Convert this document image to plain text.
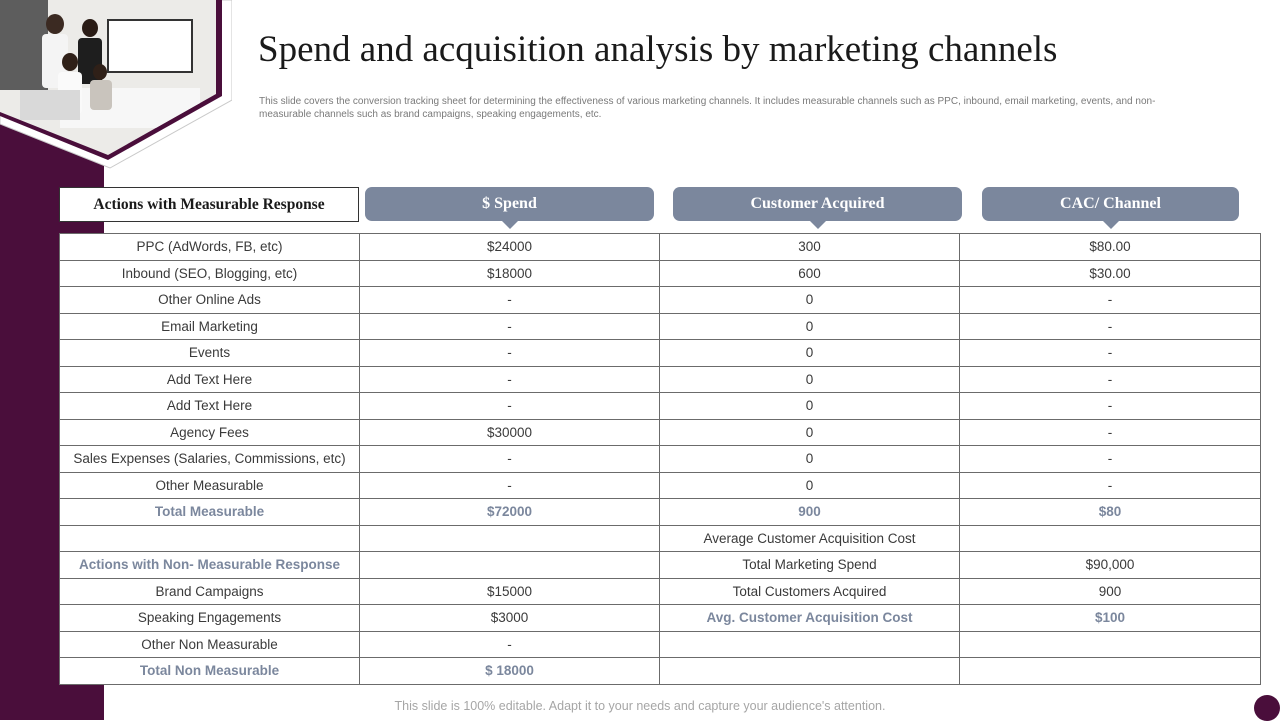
Spend and acquisition analysis by marketing channels
This slide covers the conversion tracking sheet for determining the effectiveness of various marketing channels. It includes measurable channels such as PPC, inbound, email marketing, events, and non- measurable channels such as brand campaigns, speaking engagements, etc.
Actions with Measurable Response	$ Spend	Customer Acquired	CAC/ Channel
PPC (AdWords, FB, etc)	$24000	300	$80.00
Inbound (SEO, Blogging, etc)	$18000	600	$30.00
Other Online Ads	-	0	-
Email Marketing	-	0	-
Events	-	0	-
Add Text Here	-	0	-
Add Text Here	-	0	-
Agency Fees	$30000	0	-
Sales Expenses (Salaries, Commissions, etc)	-	0	-
Other Measurable	-	0	-
Total Measurable	$72000	900	$80
		Average Customer Acquisition Cost	
Actions with Non- Measurable Response		Total Marketing Spend	$90,000
Brand Campaigns	$15000	Total Customers Acquired	900
Speaking Engagements	$3000	Avg. Customer Acquisition Cost	$100
Other Non Measurable	-		
Total Non Measurable	$ 18000		
This slide is 100% editable. Adapt it to your needs and capture your audience's attention.
